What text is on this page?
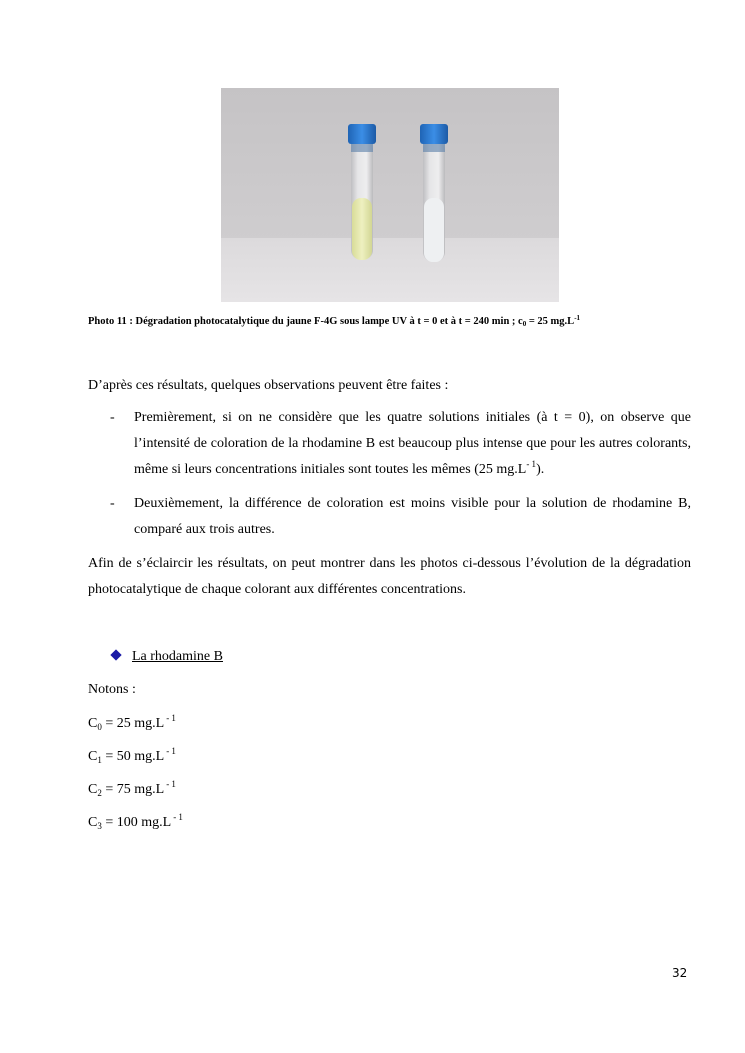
Photo 11 : Dégradation photocatalytique du jaune F-4G sous lampe UV à t = 0 et à t = 240 min ; c0 = 25 $mg.L^{-1}$
D’après ces résultats, quelques observations peuvent être faites :
- Premièrement, si on ne considère que les quatre solutions initiales (à t = 0), on observe que l’intensité de coloration de la rhodamine B est beaucoup plus intense que pour les autres colorants, même si leurs concentrations initiales sont toutes les mêmes (25 $mg.L^{- 1}$).
- Deuxièmement, la différence de coloration est moins visible pour la solution de rhodamine B, comparé aux trois autres.
Afin de s’éclaircir les résultats, on peut montrer dans les photos ci-dessous l’évolution de la dégradation photocatalytique de chaque colorant aux différentes concentrations.
La rhodamine B
Notons :
$C_0 = 25$ mg.L $^{- 1}$
$C_1 = 50$ mg.L $^{- 1}$
$C_2 = 75$ mg.L $^{- 1}$
$C_3 = 100$ mg.L $^{- 1}$
32
